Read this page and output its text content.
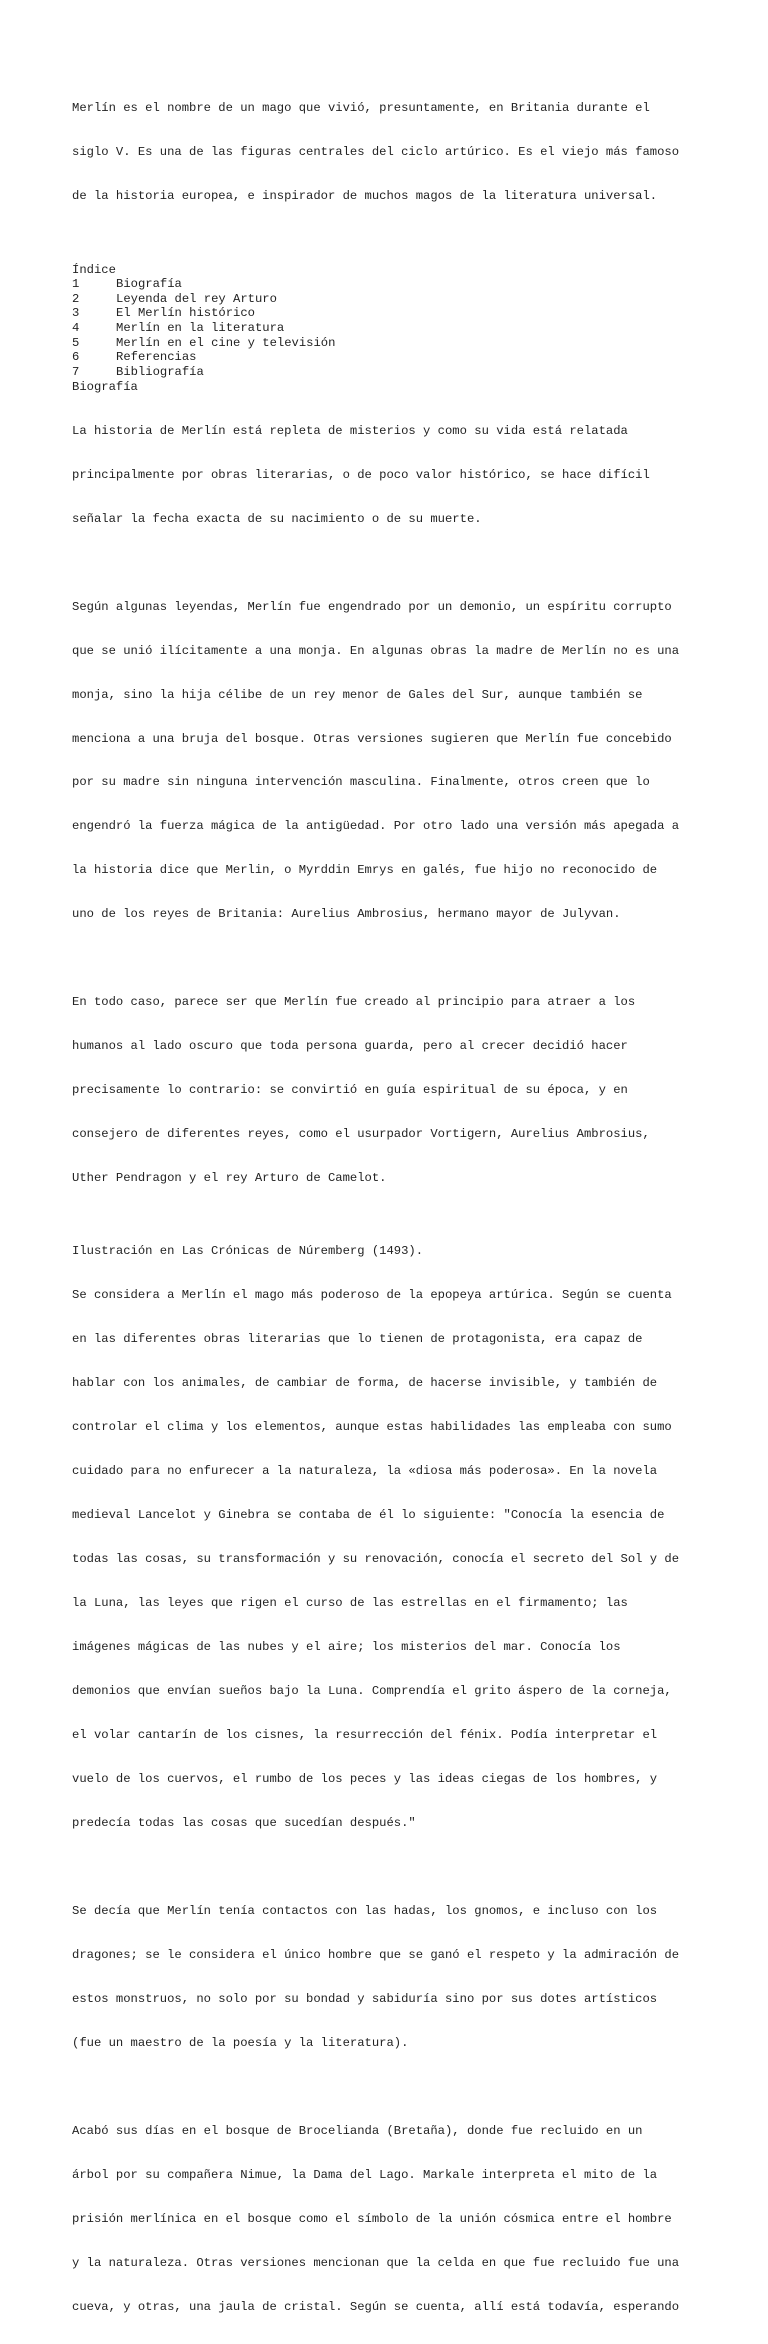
Merlín es el nombre de un mago que vivió, presuntamente, en Britania durante el

siglo V. Es una de las figuras centrales del ciclo artúrico. Es el viejo más famoso

de la historia europea, e inspirador de muchos magos de la literatura universal.

Índice
1	Biografía
2	Leyenda del rey Arturo
3	El Merlín histórico
4	Merlín en la literatura
5	Merlín en el cine y televisión
6	Referencias
7	Bibliografía
Biografía

La historia de Merlín está repleta de misterios y como su vida está relatada

principalmente por obras literarias, o de poco valor histórico, se hace difícil

señalar la fecha exacta de su nacimiento o de su muerte.

Según algunas leyendas, Merlín fue engendrado por un demonio, un espíritu corrupto

que se unió ilícitamente a una monja. En algunas obras la madre de Merlín no es una

monja, sino la hija célibe de un rey menor de Gales del Sur, aunque también se

menciona a una bruja del bosque. Otras versiones sugieren que Merlín fue concebido

por su madre sin ninguna intervención masculina. Finalmente, otros creen que lo

engendró la fuerza mágica de la antigüedad. Por otro lado una versión más apegada a

la historia dice que Merlin, o Myrddin Emrys en galés, fue hijo no reconocido de

uno de los reyes de Britania: Aurelius Ambrosius, hermano mayor de Julyvan.

En todo caso, parece ser que Merlín fue creado al principio para atraer a los

humanos al lado oscuro que toda persona guarda, pero al crecer decidió hacer

precisamente lo contrario: se convirtió en guía espiritual de su época, y en

consejero de diferentes reyes, como el usurpador Vortigern, Aurelius Ambrosius,

Uther Pendragon y el rey Arturo de Camelot.

Ilustración en Las Crónicas de Núremberg (1493).

Se considera a Merlín el mago más poderoso de la epopeya artúrica. Según se cuenta

en las diferentes obras literarias que lo tienen de protagonista, era capaz de

hablar con los animales, de cambiar de forma, de hacerse invisible, y también de

controlar el clima y los elementos, aunque estas habilidades las empleaba con sumo

cuidado para no enfurecer a la naturaleza, la «diosa más poderosa». En la novela

medieval Lancelot y Ginebra se contaba de él lo siguiente: "Conocía la esencia de

todas las cosas, su transformación y su renovación, conocía el secreto del Sol y de

la Luna, las leyes que rigen el curso de las estrellas en el firmamento; las

imágenes mágicas de las nubes y el aire; los misterios del mar. Conocía los

demonios que envían sueños bajo la Luna. Comprendía el grito áspero de la corneja,

el volar cantarín de los cisnes, la resurrección del fénix. Podía interpretar el

vuelo de los cuervos, el rumbo de los peces y las ideas ciegas de los hombres, y

predecía todas las cosas que sucedían después."

Se decía que Merlín tenía contactos con las hadas, los gnomos, e incluso con los

dragones; se le considera el único hombre que se ganó el respeto y la admiración de

estos monstruos, no solo por su bondad y sabiduría sino por sus dotes artísticos

(fue un maestro de la poesía y la literatura).

Acabó sus días en el bosque de Brocelianda (Bretaña), donde fue recluido en un

árbol por su compañera Nimue, la Dama del Lago. Markale interpreta el mito de la

prisión merlínica en el bosque como el símbolo de la unión cósmica entre el hombre

y la naturaleza. Otras versiones mencionan que la celda en que fue recluido fue una

cueva, y otras, una jaula de cristal. Según se cuenta, allí está todavía, esperando
